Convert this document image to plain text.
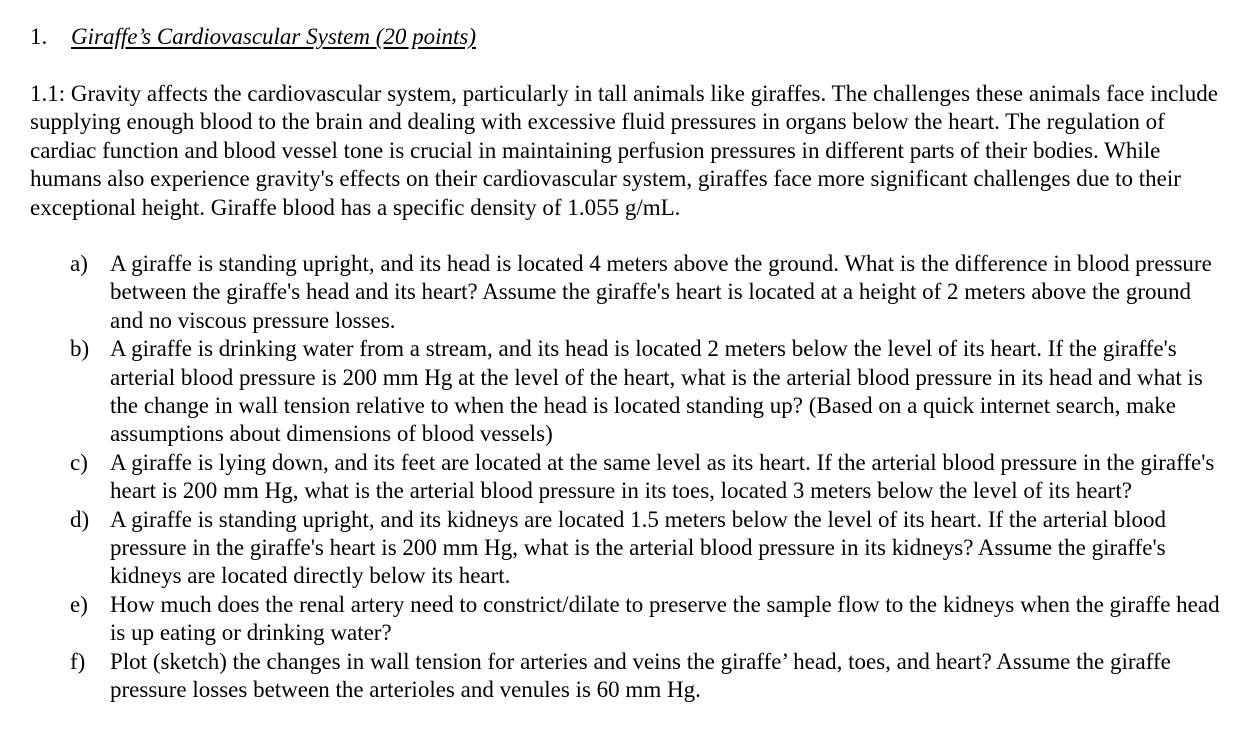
1. Giraffe’s Cardiovascular System (20 points)

1.1: Gravity affects the cardiovascular system, particularly in tall animals like giraffes. The challenges these animals face include supplying enough blood to the brain and dealing with excessive fluid pressures in organs below the heart. The regulation of cardiac function and blood vessel tone is crucial in maintaining perfusion pressures in different parts of their bodies. While humans also experience gravity's effects on their cardiovascular system, giraffes face more significant challenges due to their exceptional height. Giraffe blood has a specific density of 1.055 g/mL.

a) A giraffe is standing upright, and its head is located 4 meters above the ground. What is the difference in blood pressure between the giraffe's head and its heart? Assume the giraffe's heart is located at a height of 2 meters above the ground and no viscous pressure losses.
b) A giraffe is drinking water from a stream, and its head is located 2 meters below the level of its heart. If the giraffe's arterial blood pressure is 200 mm Hg at the level of the heart, what is the arterial blood pressure in its head and what is the change in wall tension relative to when the head is located standing up? (Based on a quick internet search, make assumptions about dimensions of blood vessels)
c) A giraffe is lying down, and its feet are located at the same level as its heart. If the arterial blood pressure in the giraffe's heart is 200 mm Hg, what is the arterial blood pressure in its toes, located 3 meters below the level of its heart?
d) A giraffe is standing upright, and its kidneys are located 1.5 meters below the level of its heart. If the arterial blood pressure in the giraffe's heart is 200 mm Hg, what is the arterial blood pressure in its kidneys? Assume the giraffe's kidneys are located directly below its heart.
e) How much does the renal artery need to constrict/dilate to preserve the sample flow to the kidneys when the giraffe head is up eating or drinking water?
f) Plot (sketch) the changes in wall tension for arteries and veins the giraffe’ head, toes, and heart? Assume the giraffe pressure losses between the arterioles and venules is 60 mm Hg.
